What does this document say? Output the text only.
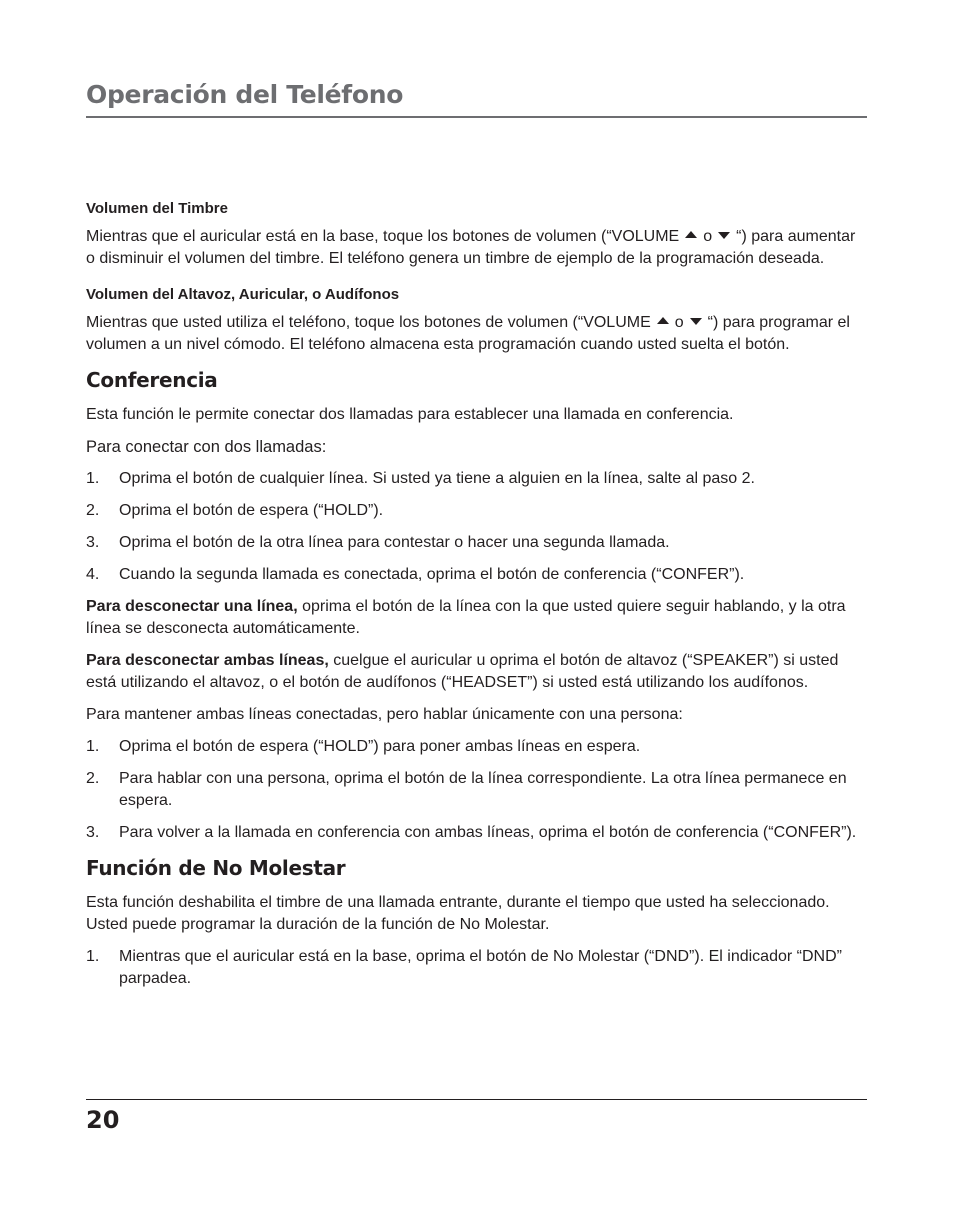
Operación del Teléfono

Volumen del Timbre

Mientras que el auricular está en la base, toque los botones de volumen (“VOLUME o “) para aumentar o disminuir el volumen del timbre. El teléfono genera un timbre de ejemplo de la programación deseada.

Volumen del Altavoz, Auricular, o Audífonos

Mientras que usted utiliza el teléfono, toque los botones de volumen (“VOLUME o “) para programar el volumen a un nivel cómodo. El teléfono almacena esta programación cuando usted suelta el botón.

Conferencia

Esta función le permite conectar dos llamadas para establecer una llamada en conferencia.

Para conectar con dos llamadas:

1.	Oprima el botón de cualquier línea. Si usted ya tiene a alguien en la línea, salte al paso 2.
2.	Oprima el botón de espera (“HOLD”).
3.	Oprima el botón de la otra línea para contestar o hacer una segunda llamada.
4.	Cuando la segunda llamada es conectada, oprima el botón de conferencia (“CONFER”).

Para desconectar una línea, oprima el botón de la línea con la que usted quiere seguir hablando, y la otra línea se desconecta automáticamente.

Para desconectar ambas líneas, cuelgue el auricular u oprima el botón de altavoz (“SPEAKER”) si usted está utilizando el altavoz, o el botón de audífonos (“HEADSET”) si usted está utilizando los audífonos.

Para mantener ambas líneas conectadas, pero hablar únicamente con una persona:

1.	Oprima el botón de espera (“HOLD”) para poner ambas líneas en espera.
2.	Para hablar con una persona, oprima el botón de la línea correspondiente. La otra línea permanece en espera.
3.	Para volver a la llamada en conferencia con ambas líneas, oprima el botón de conferencia (“CONFER”).

Función de No Molestar

Esta función deshabilita el timbre de una llamada entrante, durante el tiempo que usted ha seleccionado. Usted puede programar la duración de la función de No Molestar.

1.	Mientras que el auricular está en la base, oprima el botón de No Molestar (“DND”). El indicador “DND” parpadea.
20
